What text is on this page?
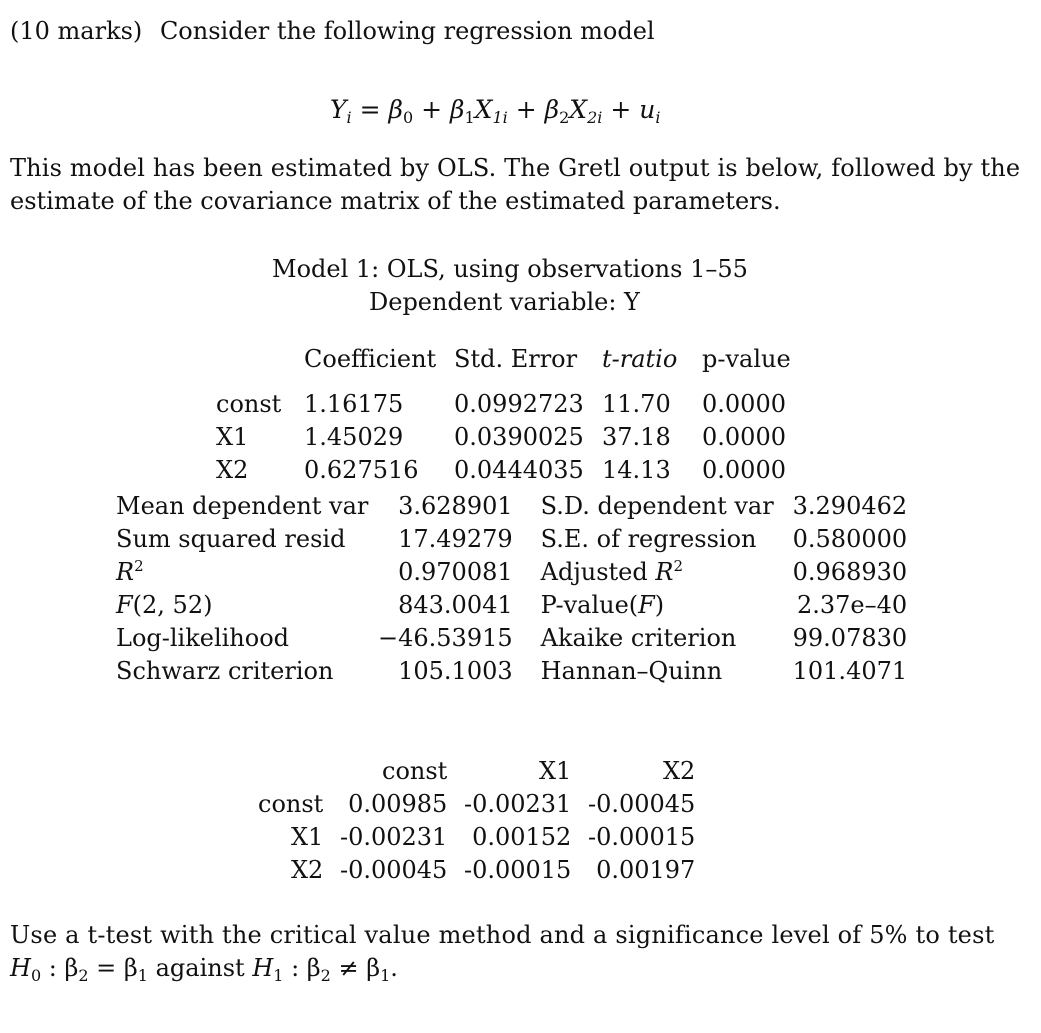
(10 marks) Consider the following regression model
$Y_i = \beta_0 + \beta_1X_{1i} + \beta_2X_{2i} + u_i$
This model has been estimated by OLS. The Gretl output is below, followed by the
estimate of the covariance matrix of the estimated parameters.
Model 1: OLS, using observations 1–55
Dependent variable: Y
	Coefficient	Std. Error	t-ratio	p-value
const	1.16175	0.0992723	11.70	0.0000
X1	1.45029	0.0390025	37.18	0.0000
X2	0.627516	0.0444035	14.13	0.0000
Mean dependent var	3.628901	S.D. dependent var	3.290462
Sum squared resid	17.49279	S.E. of regression	0.580000
$R^2$	0.970081	Adjusted $R^2$	0.968930
F(2, 52)	843.0041	P-value(F)	2.37e–40
Log-likelihood	−46.53915	Akaike criterion	99.07830
Schwarz criterion	105.1003	Hannan–Quinn	101.4071
	const	X1	X2
const	0.00985	-0.00231	-0.00045
X1	-0.00231	0.00152	-0.00015
X2	-0.00045	-0.00015	0.00197
Use a t-test with the critical value method and a significance level of 5% to test
$H_0$ : $\beta_2 = \beta_1$ against $H_1$ : $\beta_2 \ne \beta_1$.
